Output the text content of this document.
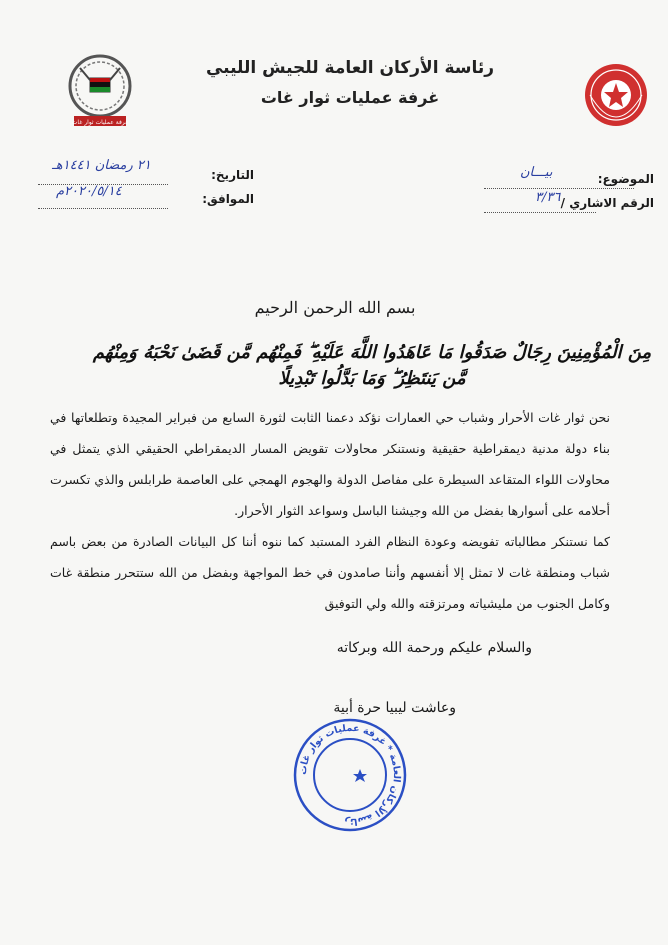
غرفة عمليات ثوار غات
رئاسة الأركان العامة للجيش الليبي
غرفة عمليات ثوار غات
الموضوع:
بيـــان
الرقم الاشاري /
٣/٣٦
التاريخ:
٢١ رمضان ١٤٤١هـ
الموافق:
٢٠٢٠/٥/١٤م
بسم الله الرحمن الرحيم
مِنَ الْمُؤْمِنِينَ رِجَالٌ صَدَقُوا مَا عَاهَدُوا اللَّهَ عَلَيْهِ ۖ فَمِنْهُم مَّن قَضَىٰ نَحْبَهُ وَمِنْهُم مَّن يَنتَظِرُ ۖ وَمَا بَدَّلُوا تَبْدِيلًا

نحن ثوار غات الأحرار وشباب حي العمارات نؤكد دعمنا الثابت لثورة السابع من فبراير المجيدة وتطلعاتها في بناء دولة مدنية ديمقراطية حقيقية ونستنكر محاولات تقويض المسار الديمقراطي الحقيقي الذي يتمثل في محاولات اللواء المتقاعد السيطرة على مفاصل الدولة والهجوم الهمجي على العاصمة طرابلس والذي تكسرت أحلامه على أسوارها بفضل من الله وجيشنا الباسل وسواعد الثوار الأحرار.

كما نستنكر مطالباته تفويضه وعودة النظام الفرد المستبد كما ننوه أننا كل البيانات الصادرة من بعض باسم شباب ومنطقة غات لا تمثل إلا أنفسهم وأننا صامدون في خط المواجهة وبفضل من الله ستتحرر منطقة غات وكامل الجنوب من مليشياته ومرتزقته والله ولي التوفيق

والسلام عليكم ورحمة الله وبركاته
وعاشت ليبيا حرة أبية
رئاسة الأركان العامة * غرفة عمليات ثوار غات
